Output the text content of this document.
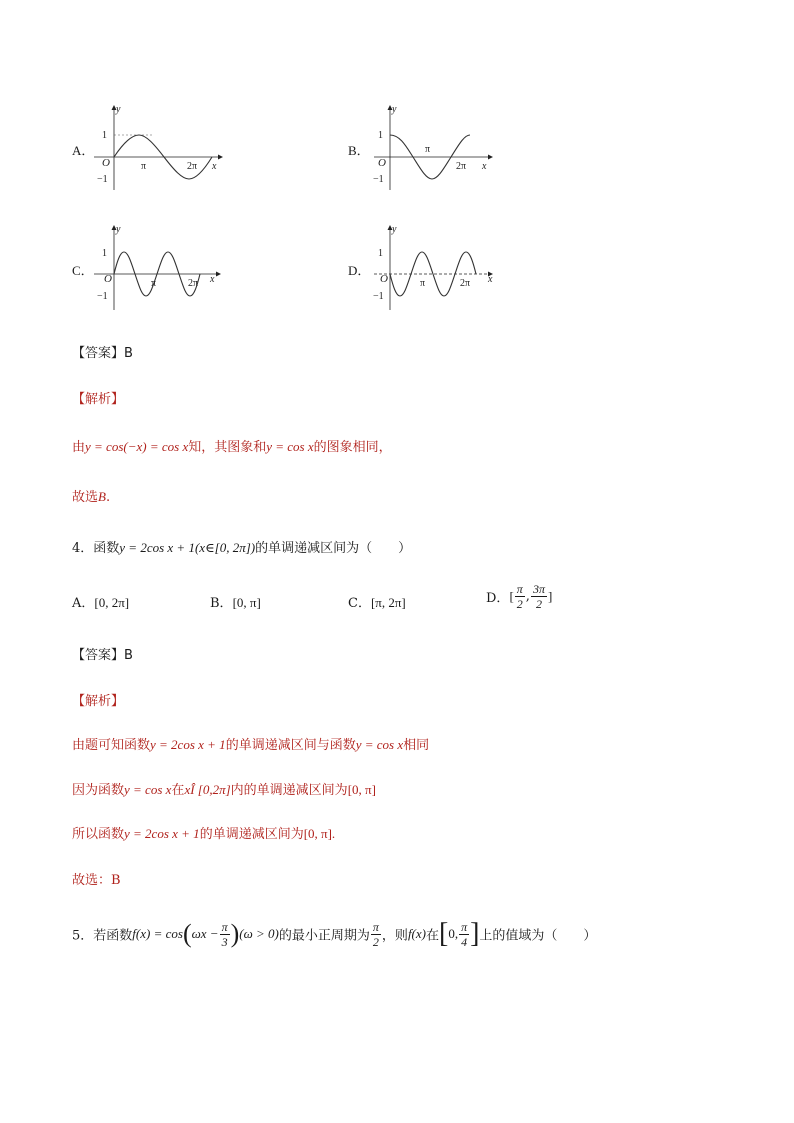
A．
y
1
−1
O	π	2π x
B．
y
1
−1
O
π
2π x
C．
y
1
−1
O	π	2π x
D．
y
1
−1
O	π	2π x
【答案】B
【解析】
由y = cos(−x) = cos x知，其图象和y = cos x的图象相同，
故选B.
4．函数y = 2cos x + 1(x∈[0, 2π])的单调递减区间为（　　）
A．[0, 2π]	B．[0, π]	C．[π, 2π]	D．[ $\frac{\pi}{2}$ , $\frac{3\pi}{2}$ ]
【答案】B
【解析】
由题可知函数y = 2cos x + 1的单调递减区间与函数y = cos x相同
因为函数y = cos x在xÎ [0,2π]内的单调递减区间为[0, π]
所以函数y = 2cos x + 1的单调递减区间为[0, π].
故选：B
5．若函数$f(x) = \cos(\omega x - \frac{\pi}{3} )(\omega > 0)$的最小正周期为 $\frac{\pi}{2}$ ，则f(x)在[0, $\frac{\pi}{4}$ ]上的值域为（　　）
